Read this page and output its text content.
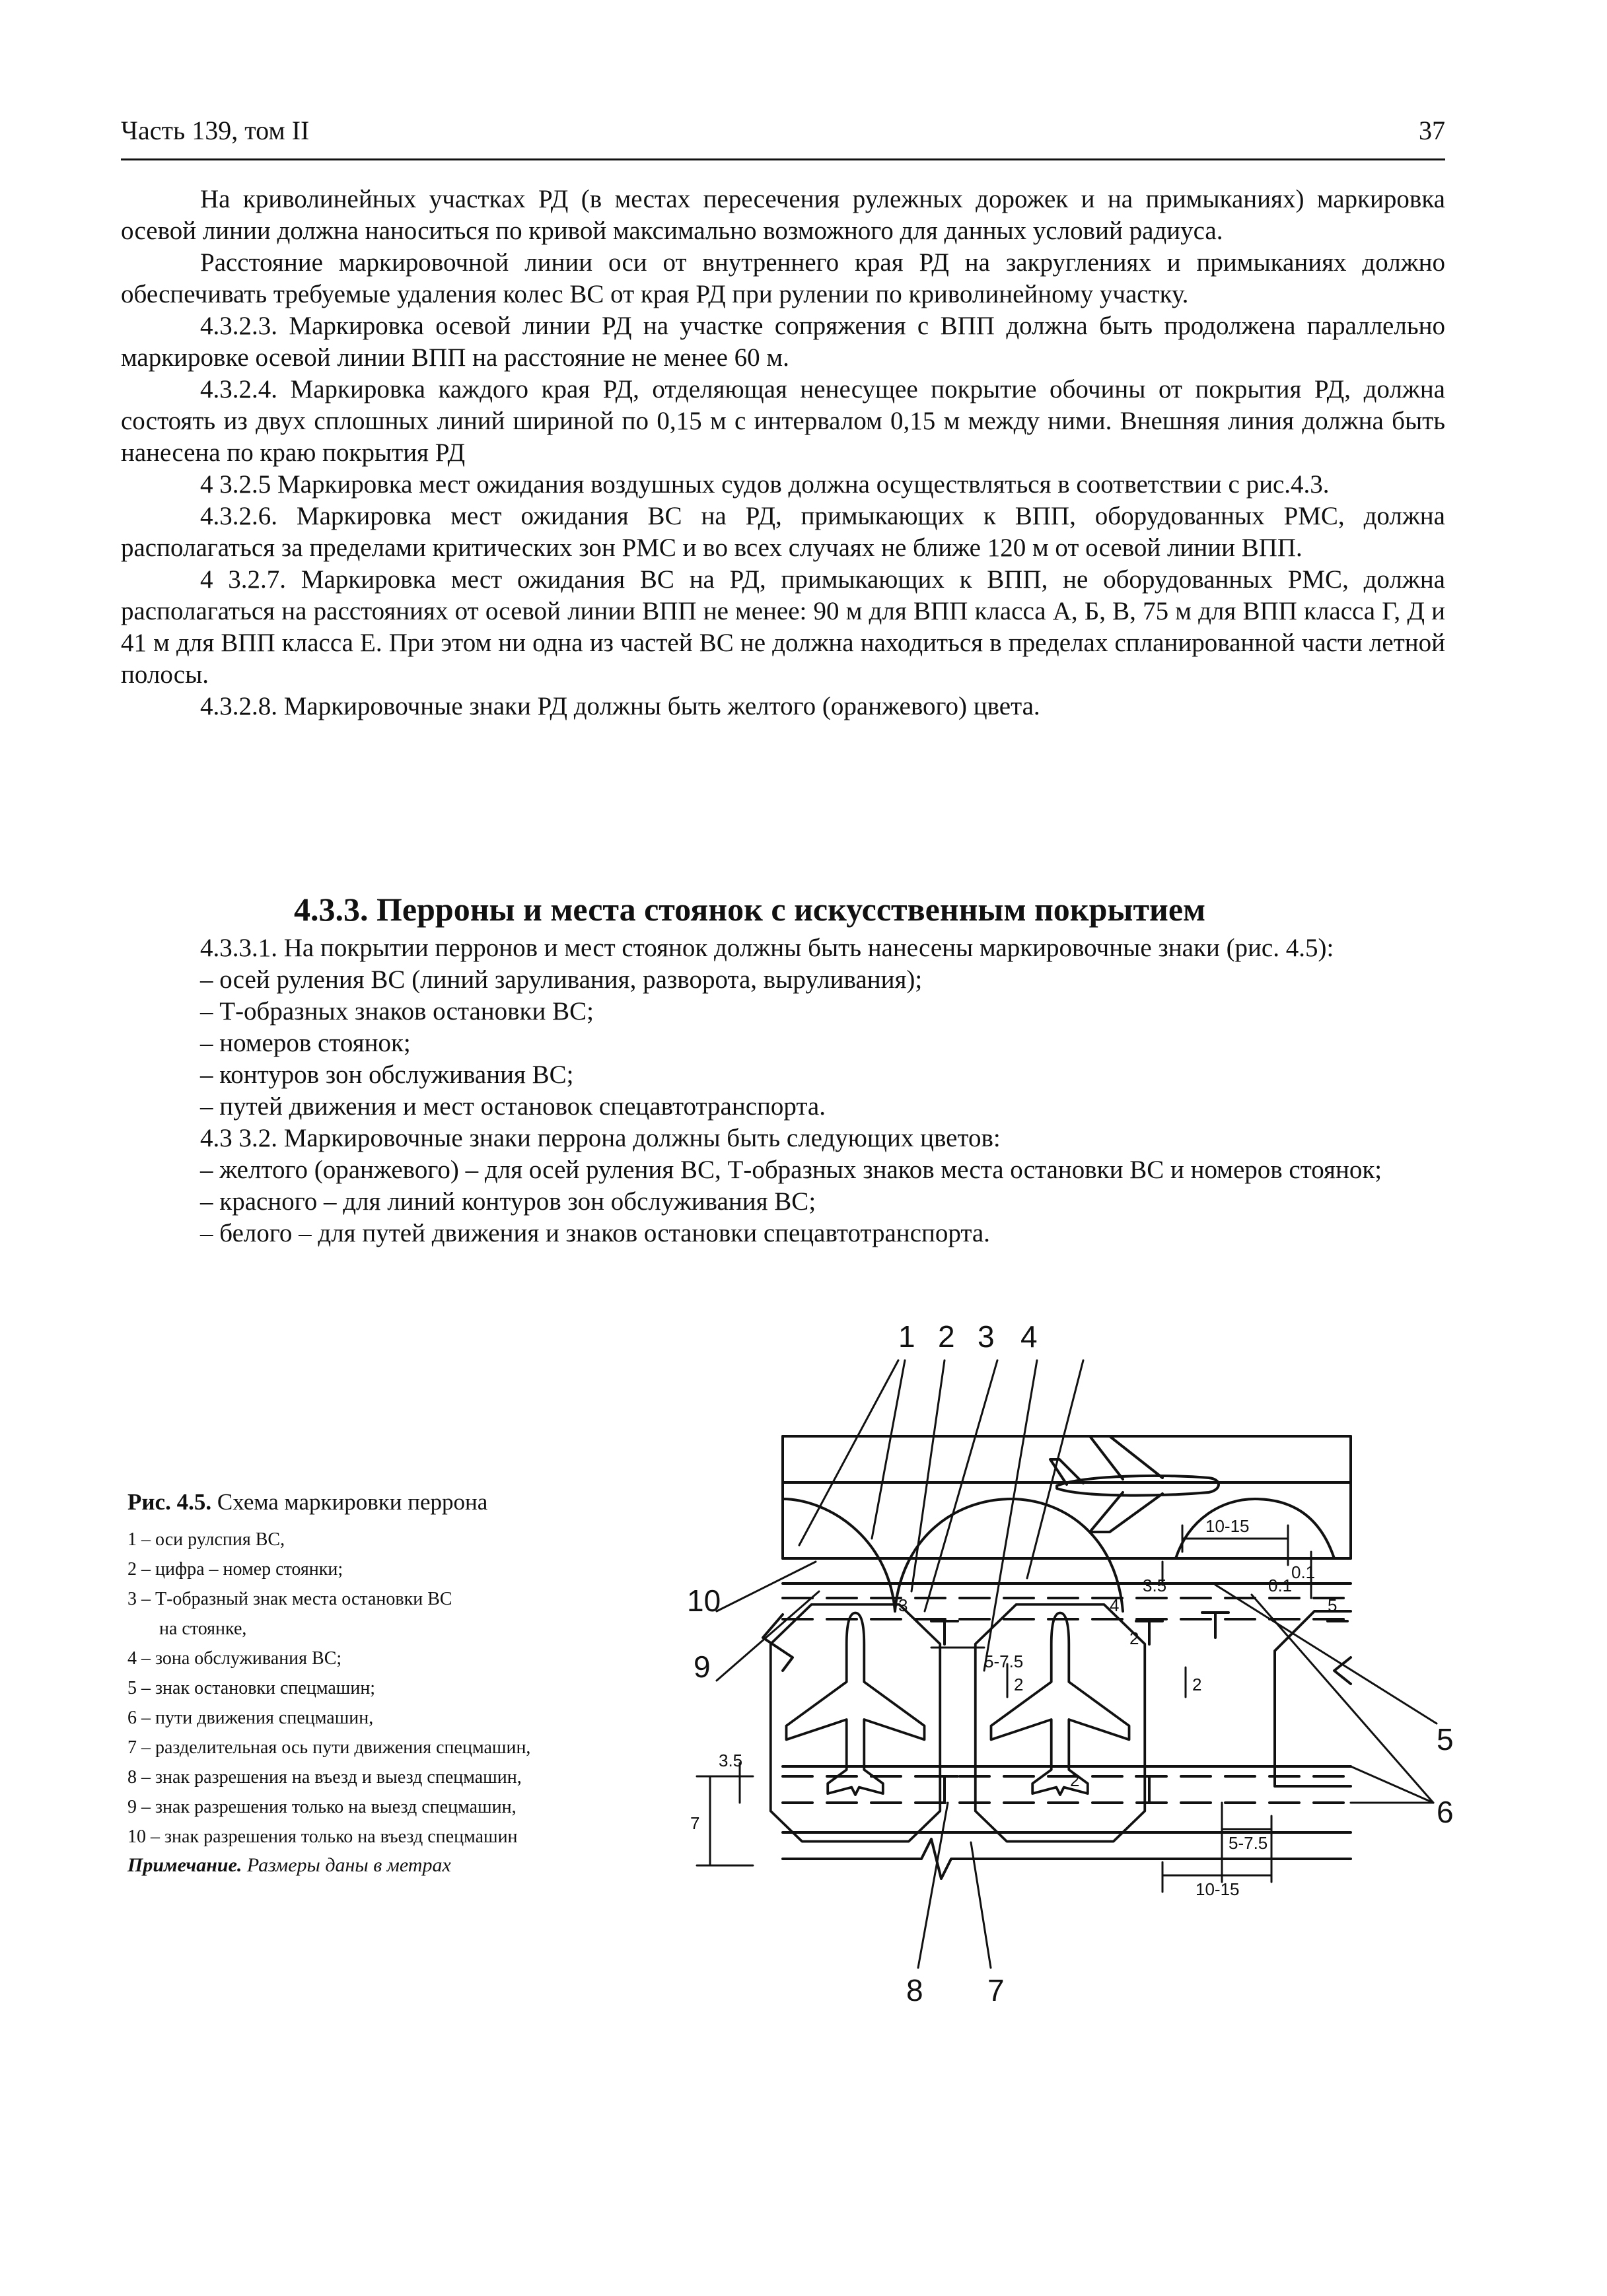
Часть 139, том II	37

На криволинейных участках РД (в местах пересечения рулежных дорожек и на примыканиях) маркировка осевой линии должна наноситься по кривой максимально возможного для данных условий радиуса.

Расстояние маркировочной линии оси от внутреннего края РД на закруглениях и примыканиях должно обеспечивать требуемые удаления колес ВС от края РД при рулении по криволинейному участку.

4.3.2.3. Маркировка осевой линии РД на участке сопряжения с ВПП должна быть продолжена параллельно маркировке осевой линии ВПП на расстояние не менее 60 м.

4.3.2.4. Маркировка каждого края РД, отделяющая ненесущее покрытие обочины от покрытия РД, должна состоять из двух сплошных линий шириной по 0,15 м с интервалом 0,15 м между ними. Внешняя линия должна быть нанесена по краю покрытия РД

4 3.2.5 Маркировка мест ожидания воздушных судов должна осуществляться в соответствии с рис.4.3.

4.3.2.6. Маркировка мест ожидания ВС на РД, примыкающих к ВПП, оборудованных РМС, должна располагаться за пределами критических зон РМС и во всех случаях не ближе 120 м от осевой линии ВПП.

4 3.2.7. Маркировка мест ожидания ВС на РД, примыкающих к ВПП, не оборудованных РМС, должна располагаться на расстояниях от осевой линии ВПП не менее: 90 м для ВПП класса А, Б, В, 75 м для ВПП класса Г, Д и 41 м для ВПП класса Е. При этом ни одна из частей ВС не должна находиться в пределах спланированной части летной полосы.

4.3.2.8. Маркировочные знаки РД должны быть желтого (оранжевого) цвета.

4.3.3. Перроны и места стоянок с искусственным покрытием

4.3.3.1. На покрытии перронов и мест стоянок должны быть нанесены маркировочные знаки (рис. 4.5):

– осей руления ВС (линий заруливания, разворота, выруливания);

– Т-образных знаков остановки ВС;

– номеров стоянок;

– контуров зон обслуживания ВС;

– путей движения и мест остановок спецавтотранспорта.

4.3 3.2. Маркировочные знаки перрона должны быть следующих цветов:

– желтого (оранжевого) – для осей руления ВС, Т-образных знаков места остановки ВС и номеров стоянок;

– красного – для линий контуров зон обслуживания ВС;

– белого – для путей движения и знаков остановки спецавтотранспорта.

Рис. 4.5. Схема маркировки перрона

1 – оси рулспия ВС,

2 – цифра – номер стоянки;

3 – Т-образный знак места остановки ВС

на стоянке,

4 – зона обслуживания ВС;

5 – знак остановки спецмашин;

6 – пути движения спецмашин,

7 – разделительная ось пути движения спецмашин,

8 – знак разрешения на въезд и выезд спецмашин,

9 – знак разрешения только на выезд спецмашин,

10 – знак разрешения только на въезд спецмашин

Примечание. Размеры даны в метрах

1 2 3 4
5
6
7
8
9
10	3	4	5
10-15
10-15
5-7.5
5-7.5
2	2
2
2
3.5
3.5
0.1
0.1
7
